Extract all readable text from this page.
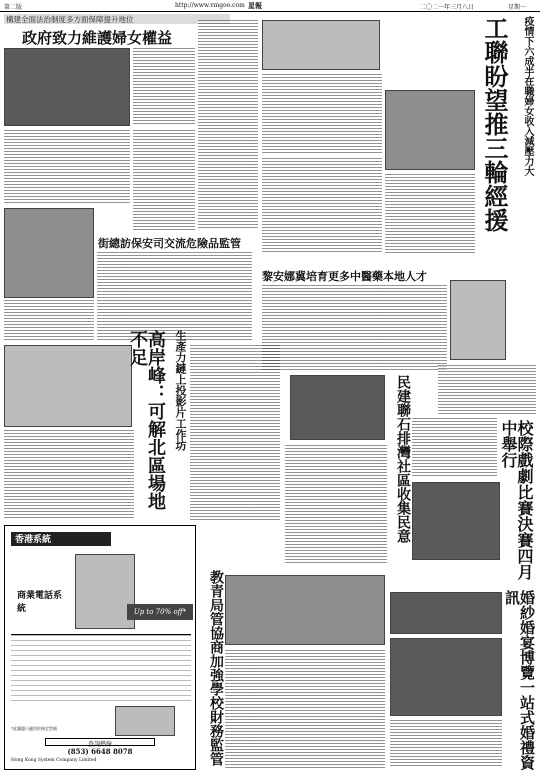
第二版	http://www.vmgoo.com 星報	二〇二一年三月八日	星期一
構建全面法治制度多方面保障提升地位
政府致力維護婦女權益
街總訪保安司交流危險品監管
工聯盼望推三輪經援	疫情下六成半在職婦女收入減壓力大
黎安娜冀培育更多中醫藥本地人才
高岸峰：可解北區場地不足	生產力鏈上投影片工作坊	民建聯石排灣社區收集民意	校際戲劇比賽決賽四月中舉行
教青局管協商加強學校財務監管	婚紗婚宴博覽一站式婚禮資訊
香港系統
商業電話系統	Up to 70% off*
查詢熱線
(853) 6648 8078
Hong Kong System Company Limited
*此優惠只適用於指定型號
